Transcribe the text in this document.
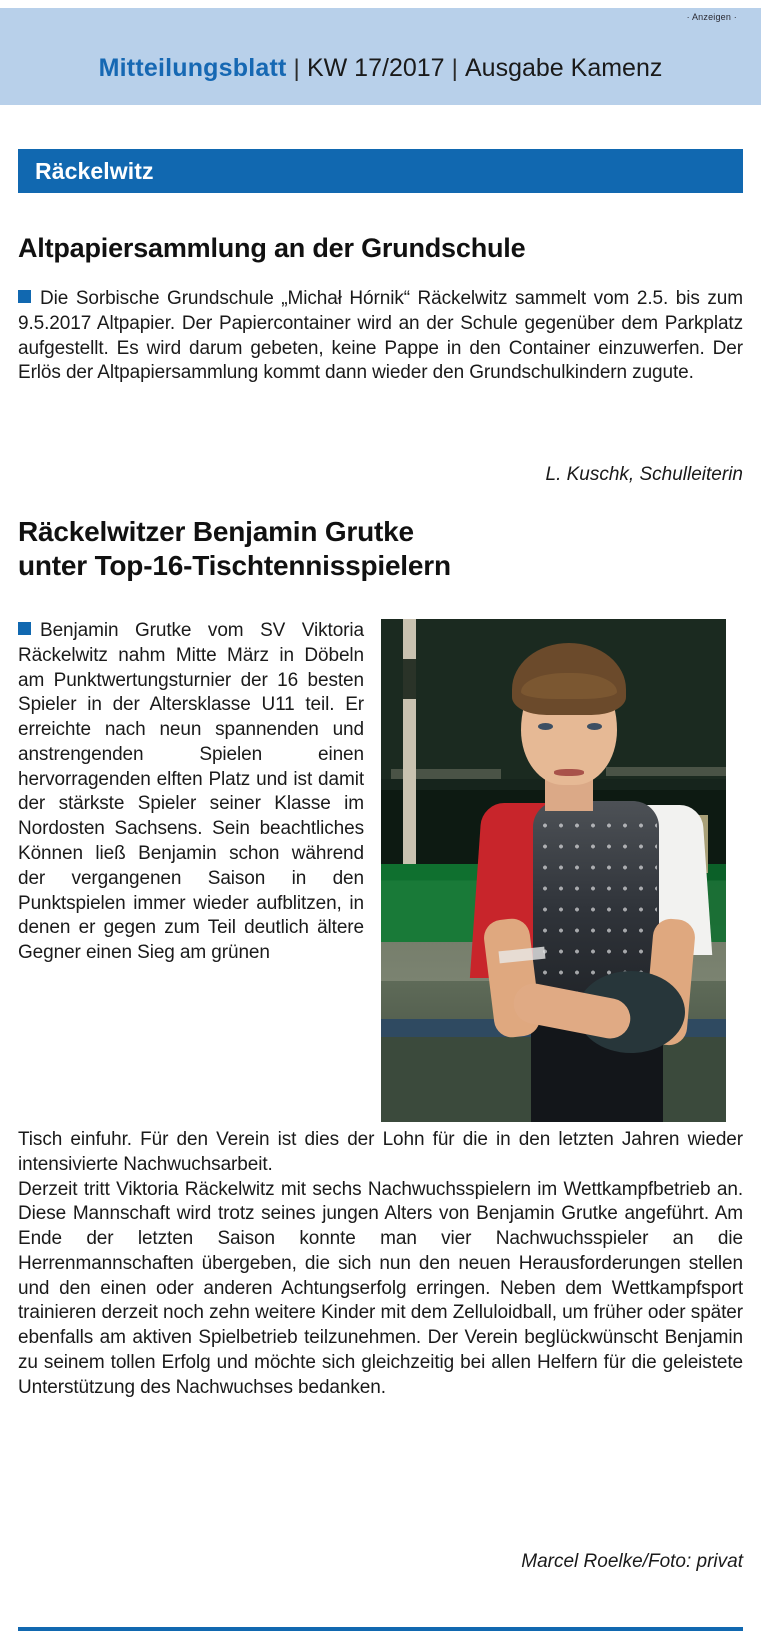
· Anzeigen ·
Mitteilungsblatt | KW 17/2017 | Ausgabe Kamenz
Räckelwitz
Altpapiersammlung an der Grundschule

Die Sorbische Grundschule „Michał Hórnik“ Räckelwitz sammelt vom 2.5. bis zum 9.5.2017 Altpapier. Der Papiercontainer wird an der Schule gegenüber dem Parkplatz aufgestellt. Es wird darum gebeten, keine Pappe in den Container einzuwerfen. Der Erlös der Altpapiersammlung kommt dann wieder den Grundschulkindern zugute.

L. Kuschk, Schulleiterin

Räckelwitzer Benjamin Grutke
unter Top-16-Tischtennisspielern

Benjamin Grutke vom SV Viktoria Räckelwitz nahm Mitte März in Döbeln am Punktwertungsturnier der 16 besten Spieler in der Altersklasse U11 teil. Er erreichte nach neun spannenden und anstrengenden Spielen einen hervorragenden elften Platz und ist damit der stärkste Spieler seiner Klasse im Nordosten Sachsens. Sein beachtliches Können ließ Benjamin schon während der vergangenen Saison in den Punktspielen immer wieder aufblitzen, in denen er gegen zum Teil deutlich ältere Gegner einen Sieg am grünen

Tisch einfuhr. Für den Verein ist dies der Lohn für die in den letzten Jahren wieder intensivierte Nachwuchsarbeit.

Derzeit tritt Viktoria Räckelwitz mit sechs Nachwuchsspielern im Wettkampfbetrieb an. Diese Mannschaft wird trotz seines jungen Alters von Benjamin Grutke angeführt. Am Ende der letzten Saison konnte man vier Nachwuchsspieler an die Herrenmannschaften übergeben, die sich nun den neuen Herausforderungen stellen und den einen oder anderen Achtungserfolg erringen. Neben dem Wettkampfsport trainieren derzeit noch zehn weitere Kinder mit dem Zelluloidball, um früher oder später ebenfalls am aktiven Spielbetrieb teilzunehmen. Der Verein beglückwünscht Benjamin zu seinem tollen Erfolg und möchte sich gleichzeitig bei allen Helfern für die geleistete Unterstützung des Nachwuchses bedanken.

Marcel Roelke/Foto: privat
